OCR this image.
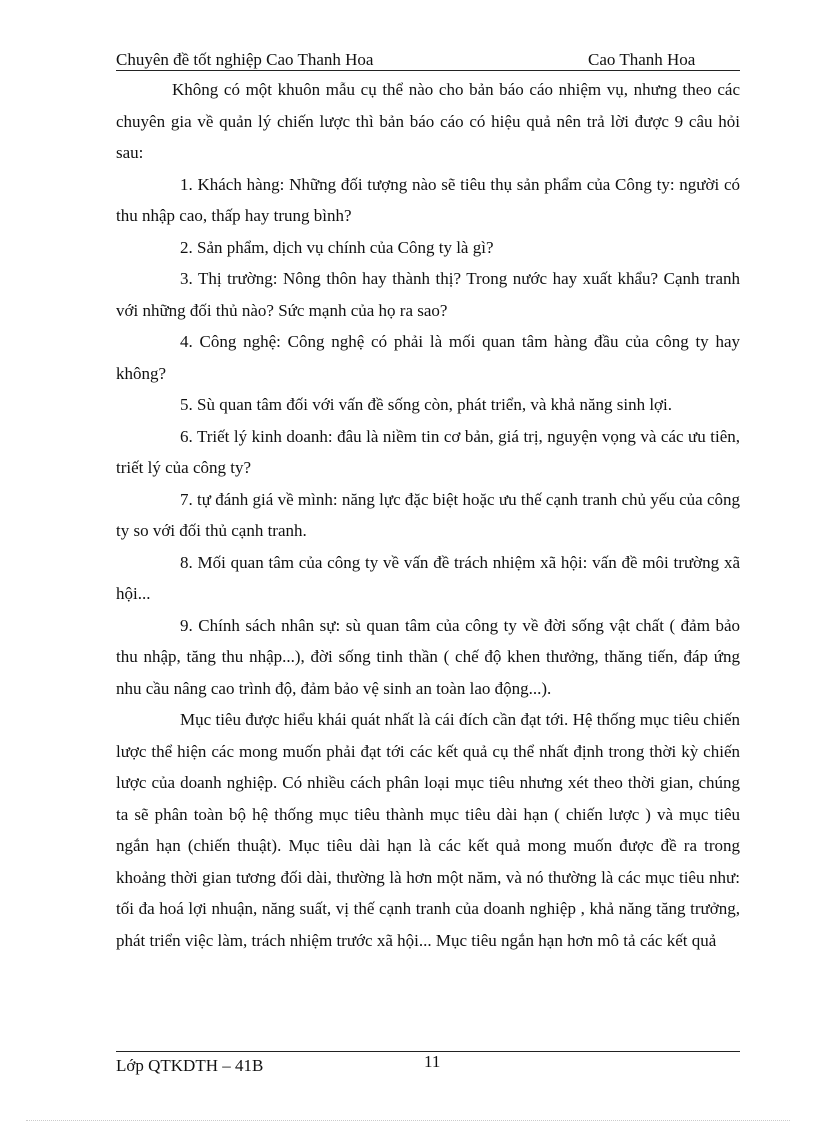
Chuyên đề tốt nghiệp Cao Thanh Hoa	Cao Thanh Hoa

Không có một khuôn mẫu cụ thể nào cho bản báo cáo nhiệm vụ, nhưng theo các chuyên gia về quản lý chiến lược thì bản báo cáo có hiệu quả nên trả lời được 9 câu hỏi sau:

1. Khách hàng: Những đối tượng nào sẽ tiêu thụ sản phẩm của Công ty: người có thu nhập cao, thấp hay trung bình?

2. Sản phẩm, dịch vụ chính của Công ty là gì?

3. Thị trường: Nông thôn hay thành thị? Trong nước hay xuất khẩu? Cạnh tranh với những đối thủ nào? Sức mạnh của họ ra sao?

4. Công nghệ: Công nghệ có phải là mối quan tâm hàng đầu của công ty hay không?

5. Sù quan tâm đối với vấn đề sống còn, phát triển, và khả năng sinh lợi.

6. Triết lý kinh doanh: đâu là niềm tin cơ bản, giá trị, nguyện vọng và các ưu tiên, triết lý của công ty?

7. tự đánh giá về mình: năng lực đặc biệt hoặc ưu thế cạnh tranh chủ yếu của công ty so với đối thủ cạnh tranh.

8. Mối quan tâm của công ty về vấn đề trách nhiệm xã hội: vấn đề môi trường xã hội...

9. Chính sách nhân sự: sù quan tâm của công ty về đời sống vật chất ( đảm bảo thu nhập, tăng thu nhập...), đời sống tinh thần ( chế độ khen thưởng, thăng tiến, đáp ứng nhu cầu nâng cao trình độ, đảm bảo vệ sinh an toàn lao động...).

Mục tiêu được hiểu khái quát nhất là cái đích cần đạt tới. Hệ thống mục tiêu chiến lược thể hiện các mong muốn phải đạt tới các kết quả cụ thể nhất định trong thời kỳ chiến lược của doanh nghiệp. Có nhiều cách phân loại mục tiêu nhưng xét theo thời gian, chúng ta sẽ phân toàn bộ hệ thống mục tiêu thành mục tiêu dài hạn ( chiến lược ) và mục tiêu ngắn hạn (chiến thuật). Mục tiêu dài hạn là các kết quả mong muốn được đề ra trong khoảng thời gian tương đối dài, thường là hơn một năm, và nó thường là các mục tiêu như: tối đa hoá lợi nhuận, năng suất, vị thế cạnh tranh của doanh nghiệp , khả năng tăng trưởng, phát triển việc làm, trách nhiệm trước xã hội... Mục tiêu ngắn hạn hơn mô tả các kết quả

Lớp QTKDTH – 41B	11
